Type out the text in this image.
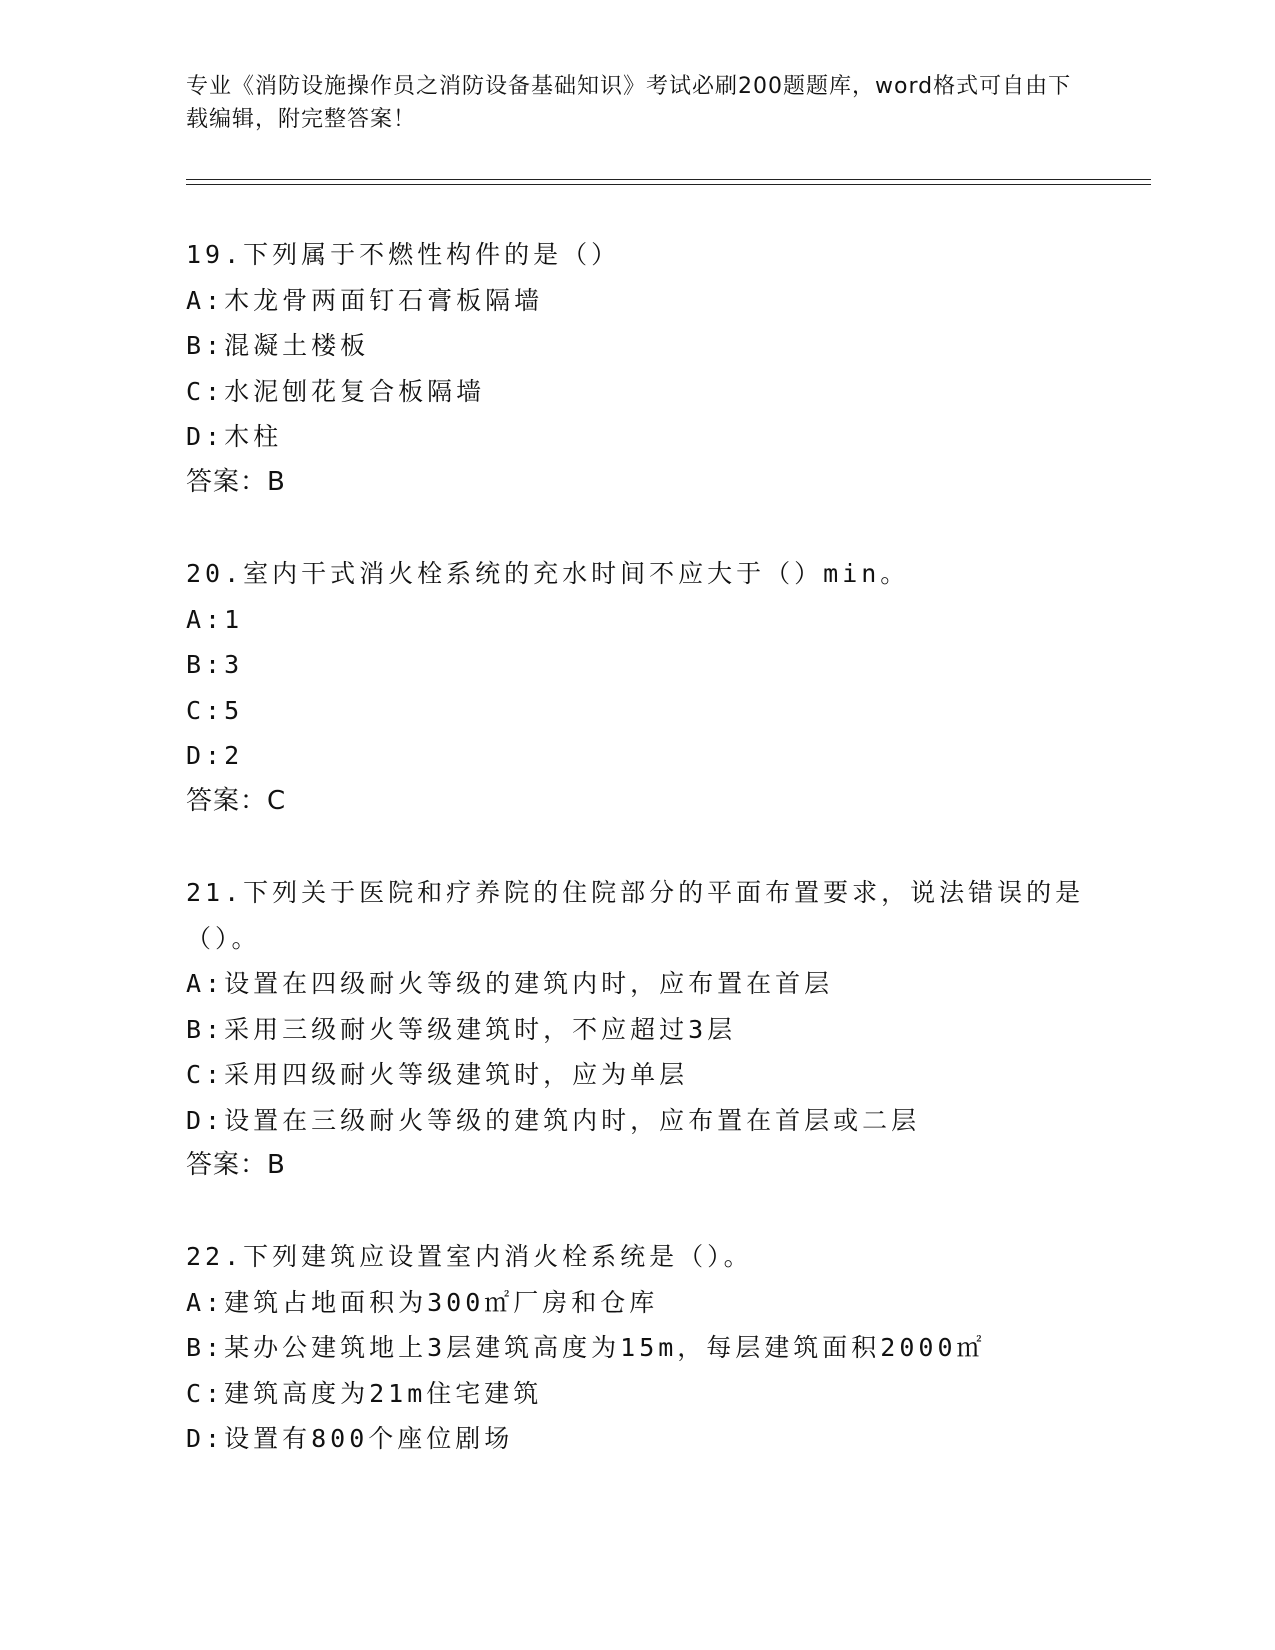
专业《消防设施操作员之消防设备基础知识》考试必刷200题题库，word格式可自由下载编辑，附完整答案！
19.下列属于不燃性构件的是（）
A:木龙骨两面钉石膏板隔墙
B:混凝土楼板
C:水泥刨花复合板隔墙
D:木柱
答案：B
20.室内干式消火栓系统的充水时间不应大于（）min。
A:1
B:3
C:5
D:2
答案：C
21.下列关于医院和疗养院的住院部分的平面布置要求，说法错误的是（）。
A:设置在四级耐火等级的建筑内时，应布置在首层
B:采用三级耐火等级建筑时，不应超过3层
C:采用四级耐火等级建筑时，应为单层
D:设置在三级耐火等级的建筑内时，应布置在首层或二层
答案：B
22.下列建筑应设置室内消火栓系统是（）。
A:建筑占地面积为300㎡厂房和仓库
B:某办公建筑地上3层建筑高度为15m，每层建筑面积2000㎡
C:建筑高度为21m住宅建筑
D:设置有800个座位剧场
